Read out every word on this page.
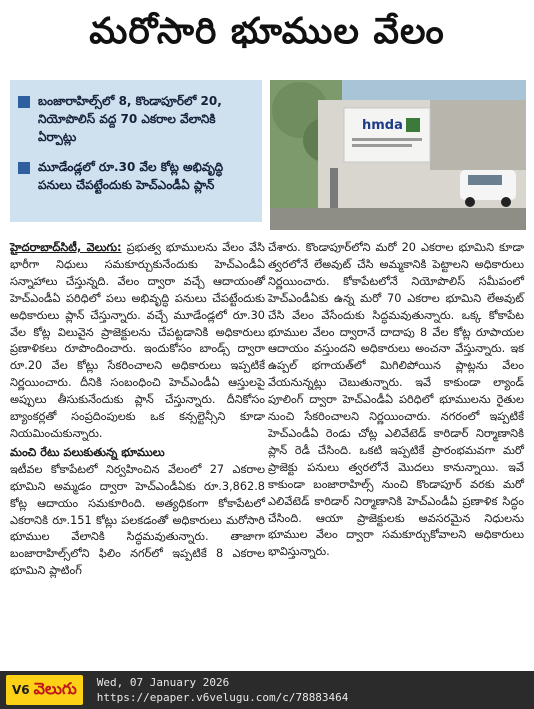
మరోసారి భూముల వేలం
బంజారాహిల్స్‌లో 8, కొండాపూర్‌లో 20, నియోపొలిస్ వద్ద 70 ఎకరాల వేలానికి ఏర్పాట్లు
మూడేండ్లలో రూ.30 వేల కోట్ల అభివృద్ధి పనులు చేపట్టేందుకు హెచ్‌ఎండీఏ ప్లాన్
hmda

హైదరాబాద్‌సిటీ, వెలుగు: ప్రభుత్వ భూములను వేలం వేసి భారీగా నిధులు సమకూర్చుకునేందుకు హెచ్‌ఎండీఏ సన్నాహాలు చేస్తున్నది. వేలం ద్వారా వచ్చే ఆదాయంతో హెచ్‌ఎండీఏ పరిధిలో పలు అభివృద్ధి పనులు చేపట్టేందుకు అధికారులు ప్లాన్ చేస్తున్నారు. వచ్చే మూడేండ్లలో రూ.30 వేల కోట్ల విలువైన ప్రాజెక్టులను చేపట్టడానికి అధికారులు ప్రణాళికలు రూపొందించారు. ఇందుకోసం బాండ్స్ ద్వారా రూ.20 వేల కోట్లు సేకరించాలని అధికారులు ఇప్పటికే నిర్ణయించారు. దీనికి సంబంధించి హెచ్‌ఎండీఏ ఆస్తులపై అప్పులు తీసుకునేందుకు ప్లాన్ చేస్తున్నారు. దీనికోసం బ్యాంకర్లతో సంప్రదింపులకు ఒక కన్సల్టెన్సీని కూడా నియమించుకున్నారు.

మంచి రేటు పలుకుతున్న భూములు

ఇటీవల కోకాపేటలో నిర్వహించిన వేలంలో 27 ఎకరాల భూమిని అమ్మడం ద్వారా హెచ్‌ఎండీఏకు రూ.3,862.8 కోట్ల ఆదాయం సమకూరింది. అత్యధికంగా కోకాపేటలో ఎకరానికి రూ.151 కోట్లు పలకడంతో అధికారులు మరోసారి భూముల వేలానికి సిద్ధమవుతున్నారు. తాజాగా బంజారాహిల్స్‌లోని ఫిలిం నగర్‌లో ఇప్పటికే 8 ఎకరాల భూమిని ప్లాటింగ్

చేశారు. కొండాపూర్‌లోని మరో 20 ఎకరాల భూమిని కూడా త్వరలోనే లేఅవుట్ చేసి అమ్మకానికి పెట్టాలని అధికారులు నిర్ణయించారు. కోకాపేటలోనే నియోపొలిస్ సమీపంలో హెచ్‌ఎండీఏకు ఉన్న మరో 70 ఎకరాల భూమిని లేఅవుట్ చేసి వేలం వేసేందుకు సిద్ధమవుతున్నారు. ఒక్క కోకాపేట భూముల వేలం ద్వారానే దాదాపు 8 వేల కోట్ల రూపాయల ఆదాయం వస్తుందని అధికారులు అంచనా వేస్తున్నారు. ఇక ఉప్పల్ భగాయత్‌లో మిగిలిపోయిన ప్లాట్లను వేలం వేయనున్నట్లు చెబుతున్నారు. ఇవే కాకుండా ల్యాండ్ పూలింగ్ ద్వారా హెచ్‌ఎండీఏ పరిధిలో భూములను రైతుల నుంచి సేకరించాలని నిర్ణయించారు. నగరంలో ఇప్పటికే హెచ్‌ఎండీఏ రెండు చోట్ల ఎలివేటెడ్ కారిడార్ నిర్మాణానికి ప్లాన్ రెడీ చేసింది. ఒకటి ఇప్పటికే ప్రారంభమవగా మరో ప్రాజెక్టు పనులు త్వరలోనే మొదలు కానున్నాయి. ఇవే కాకుండా బంజారాహిల్స్ నుంచి కొండాపూర్ వరకు మరో ఎలివేటెడ్ కారిడార్ నిర్మాణానికి హెచ్‌ఎండీఏ ప్రణాళిక సిద్ధం చేసింది. ఆయా ప్రాజెక్టులకు అవసరమైన నిధులను భూముల వేలం ద్వారా సమకూర్చుకోవాలని అధికారులు భావిస్తున్నారు.

V6 వెలుగు Wed, 07 January 2026
https://epaper.v6velugu.com/c/78883464
